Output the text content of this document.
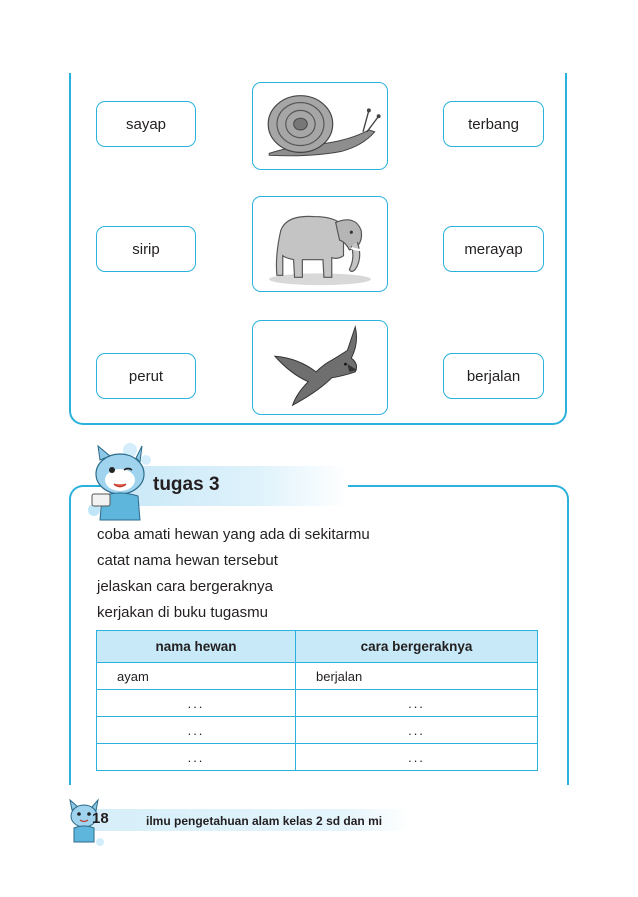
sayap
sirip
perut
terbang
merayap
berjalan
tugas 3
coba amati hewan yang ada di sekitarmu
catat nama hewan tersebut
jelaskan cara bergeraknya
kerjakan di buku tugasmu
nama hewan	cara bergeraknya
ayam	berjalan
...	...
...	...
...	...
18	ilmu pengetahuan alam kelas 2 sd dan mi
